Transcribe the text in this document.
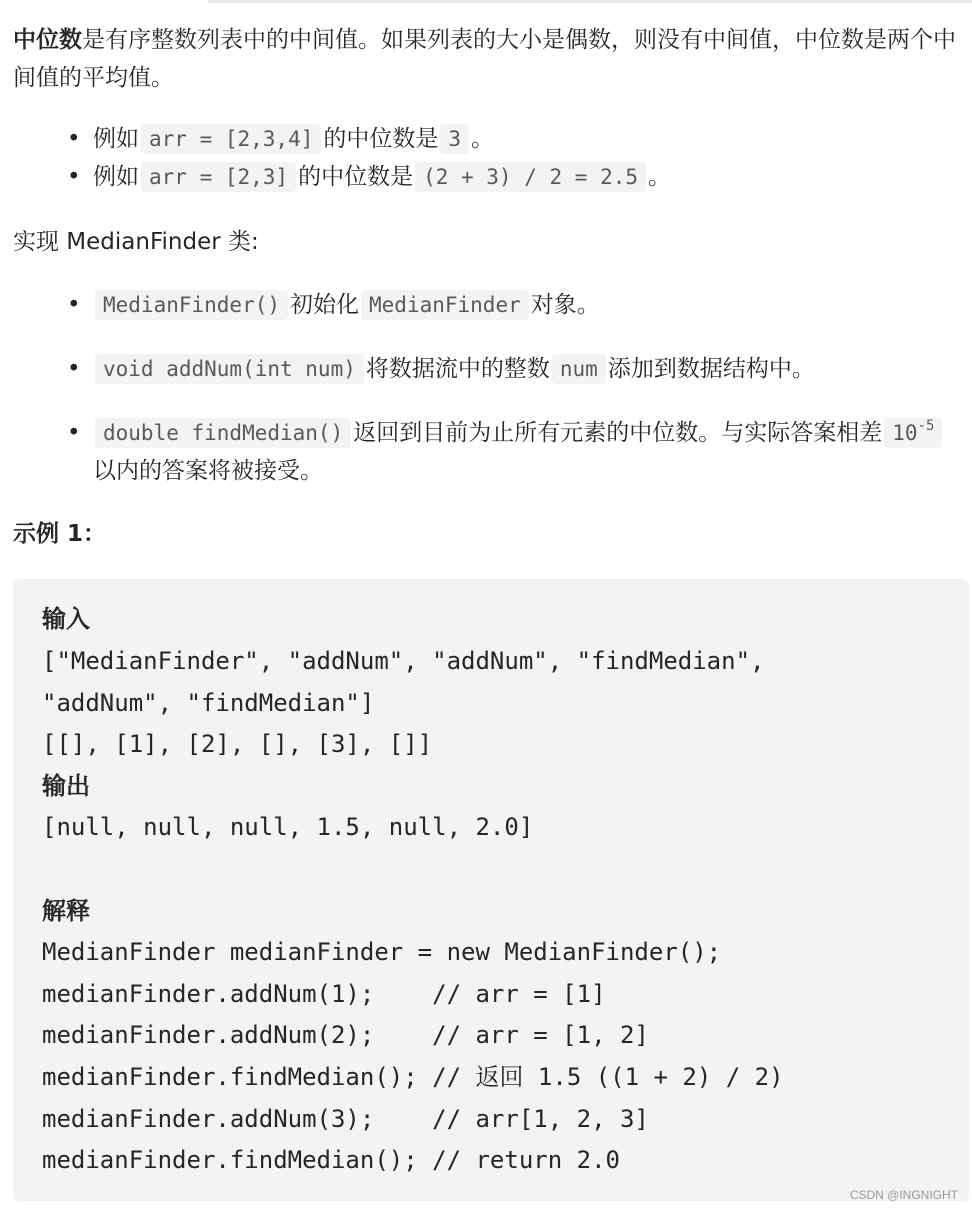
中位数是有序整数列表中的中间值。如果列表的大小是偶数，则没有中间值，中位数是两个中间值的平均值。

• 例如 arr = [2,3,4] 的中位数是 3 。
• 例如 arr = [2,3] 的中位数是 (2 + 3) / 2 = 2.5 。

实现 MedianFinder 类:

• MedianFinder() 初始化 MedianFinder 对象。
• void addNum(int num) 将数据流中的整数 num 添加到数据结构中。
• double findMedian() 返回到目前为止所有元素的中位数。与实际答案相差 $10^{-5}$以内的答案将被接受。

示例 1：

输入
["MedianFinder", "addNum", "addNum", "findMedian",
"addNum", "findMedian"]
[[], [1], [2], [], [3], []]
输出
[null, null, null, 1.5, null, 2.0]
解释
MedianFinder medianFinder = new MedianFinder();
medianFinder.addNum(1);    // arr = [1]
medianFinder.addNum(2);    // arr = [1, 2]
medianFinder.findMedian(); // 返回 1.5 ((1 + 2) / 2)
medianFinder.addNum(3);    // arr[1, 2, 3]
medianFinder.findMedian(); // return 2.0
CSDN @INGNIGHT
